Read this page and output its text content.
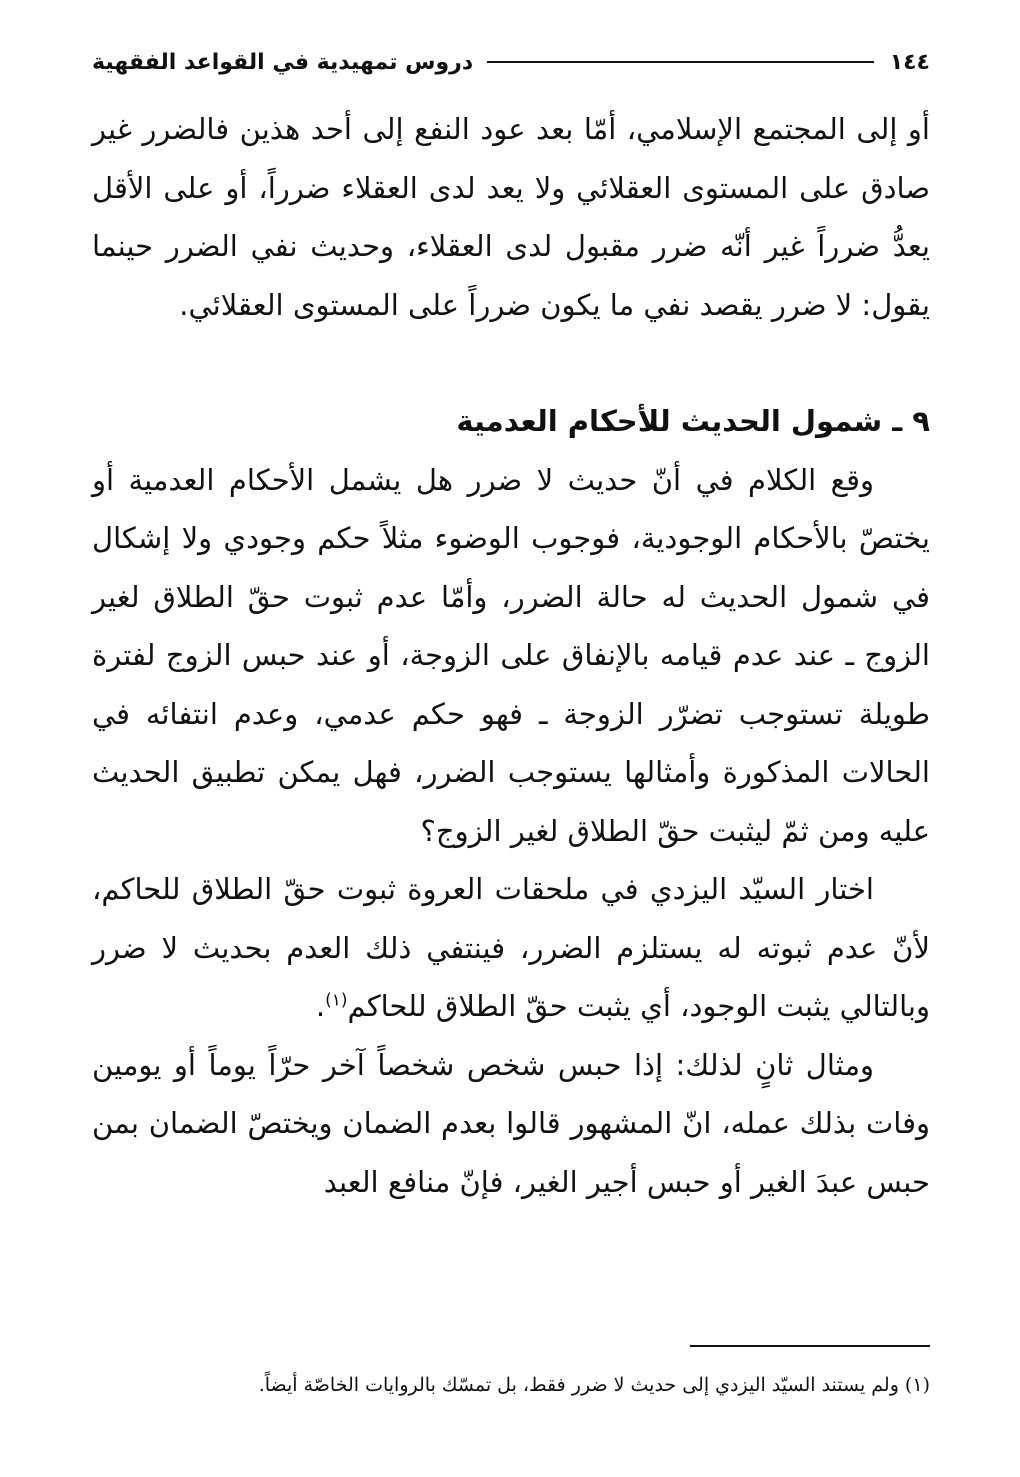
١٤٤
دروس تمهيدية في القواعد الفقهية

أو إلى المجتمع الإسلامي، أمّا بعد عود النفع إلى أحد هذين فالضرر غير صادق على المستوى العقلائي ولا يعد لدى العقلاء ضرراً، أو على الأقل يعدُّ ضرراً غير أنّه ضرر مقبول لدى العقلاء، وحديث نفي الضرر حينما يقول: لا ضرر يقصد نفي ما يكون ضرراً على المستوى العقلائي.

٩ ـ شمول الحديث للأحكام العدمية

وقع الكلام في أنّ حديث لا ضرر هل يشمل الأحكام العدمية أو يختصّ بالأحكام الوجودية، فوجوب الوضوء مثلاً حكم وجودي ولا إشكال في شمول الحديث له حالة الضرر، وأمّا عدم ثبوت حقّ الطلاق لغير الزوج ـ عند عدم قيامه بالإنفاق على الزوجة، أو عند حبس الزوج لفترة طويلة تستوجب تضرّر الزوجة ـ فهو حكم عدمي، وعدم انتفائه في الحالات المذكورة وأمثالها يستوجب الضرر، فهل يمكن تطبيق الحديث عليه ومن ثمّ ليثبت حقّ الطلاق لغير الزوج؟

اختار السيّد اليزدي في ملحقات العروة ثبوت حقّ الطلاق للحاكم، لأنّ عدم ثبوته له يستلزم الضرر، فينتفي ذلك العدم بحديث لا ضرر وبالتالي يثبت الوجود، أي يثبت حقّ الطلاق للحاكم$^{(١)}$.

ومثال ثانٍ لذلك: إذا حبس شخص شخصاً آخر حرّاً يوماً أو يومين وفات بذلك عمله، انّ المشهور قالوا بعدم الضمان ويختصّ الضمان بمن حبس عبدَ الغير أو حبس أجير الغير، فإنّ منافع العبد

(١) ولم يستند السيّد اليزدي إلى حديث لا ضرر فقط، بل تمسّك بالروايات الخاصّة أيضاً.
